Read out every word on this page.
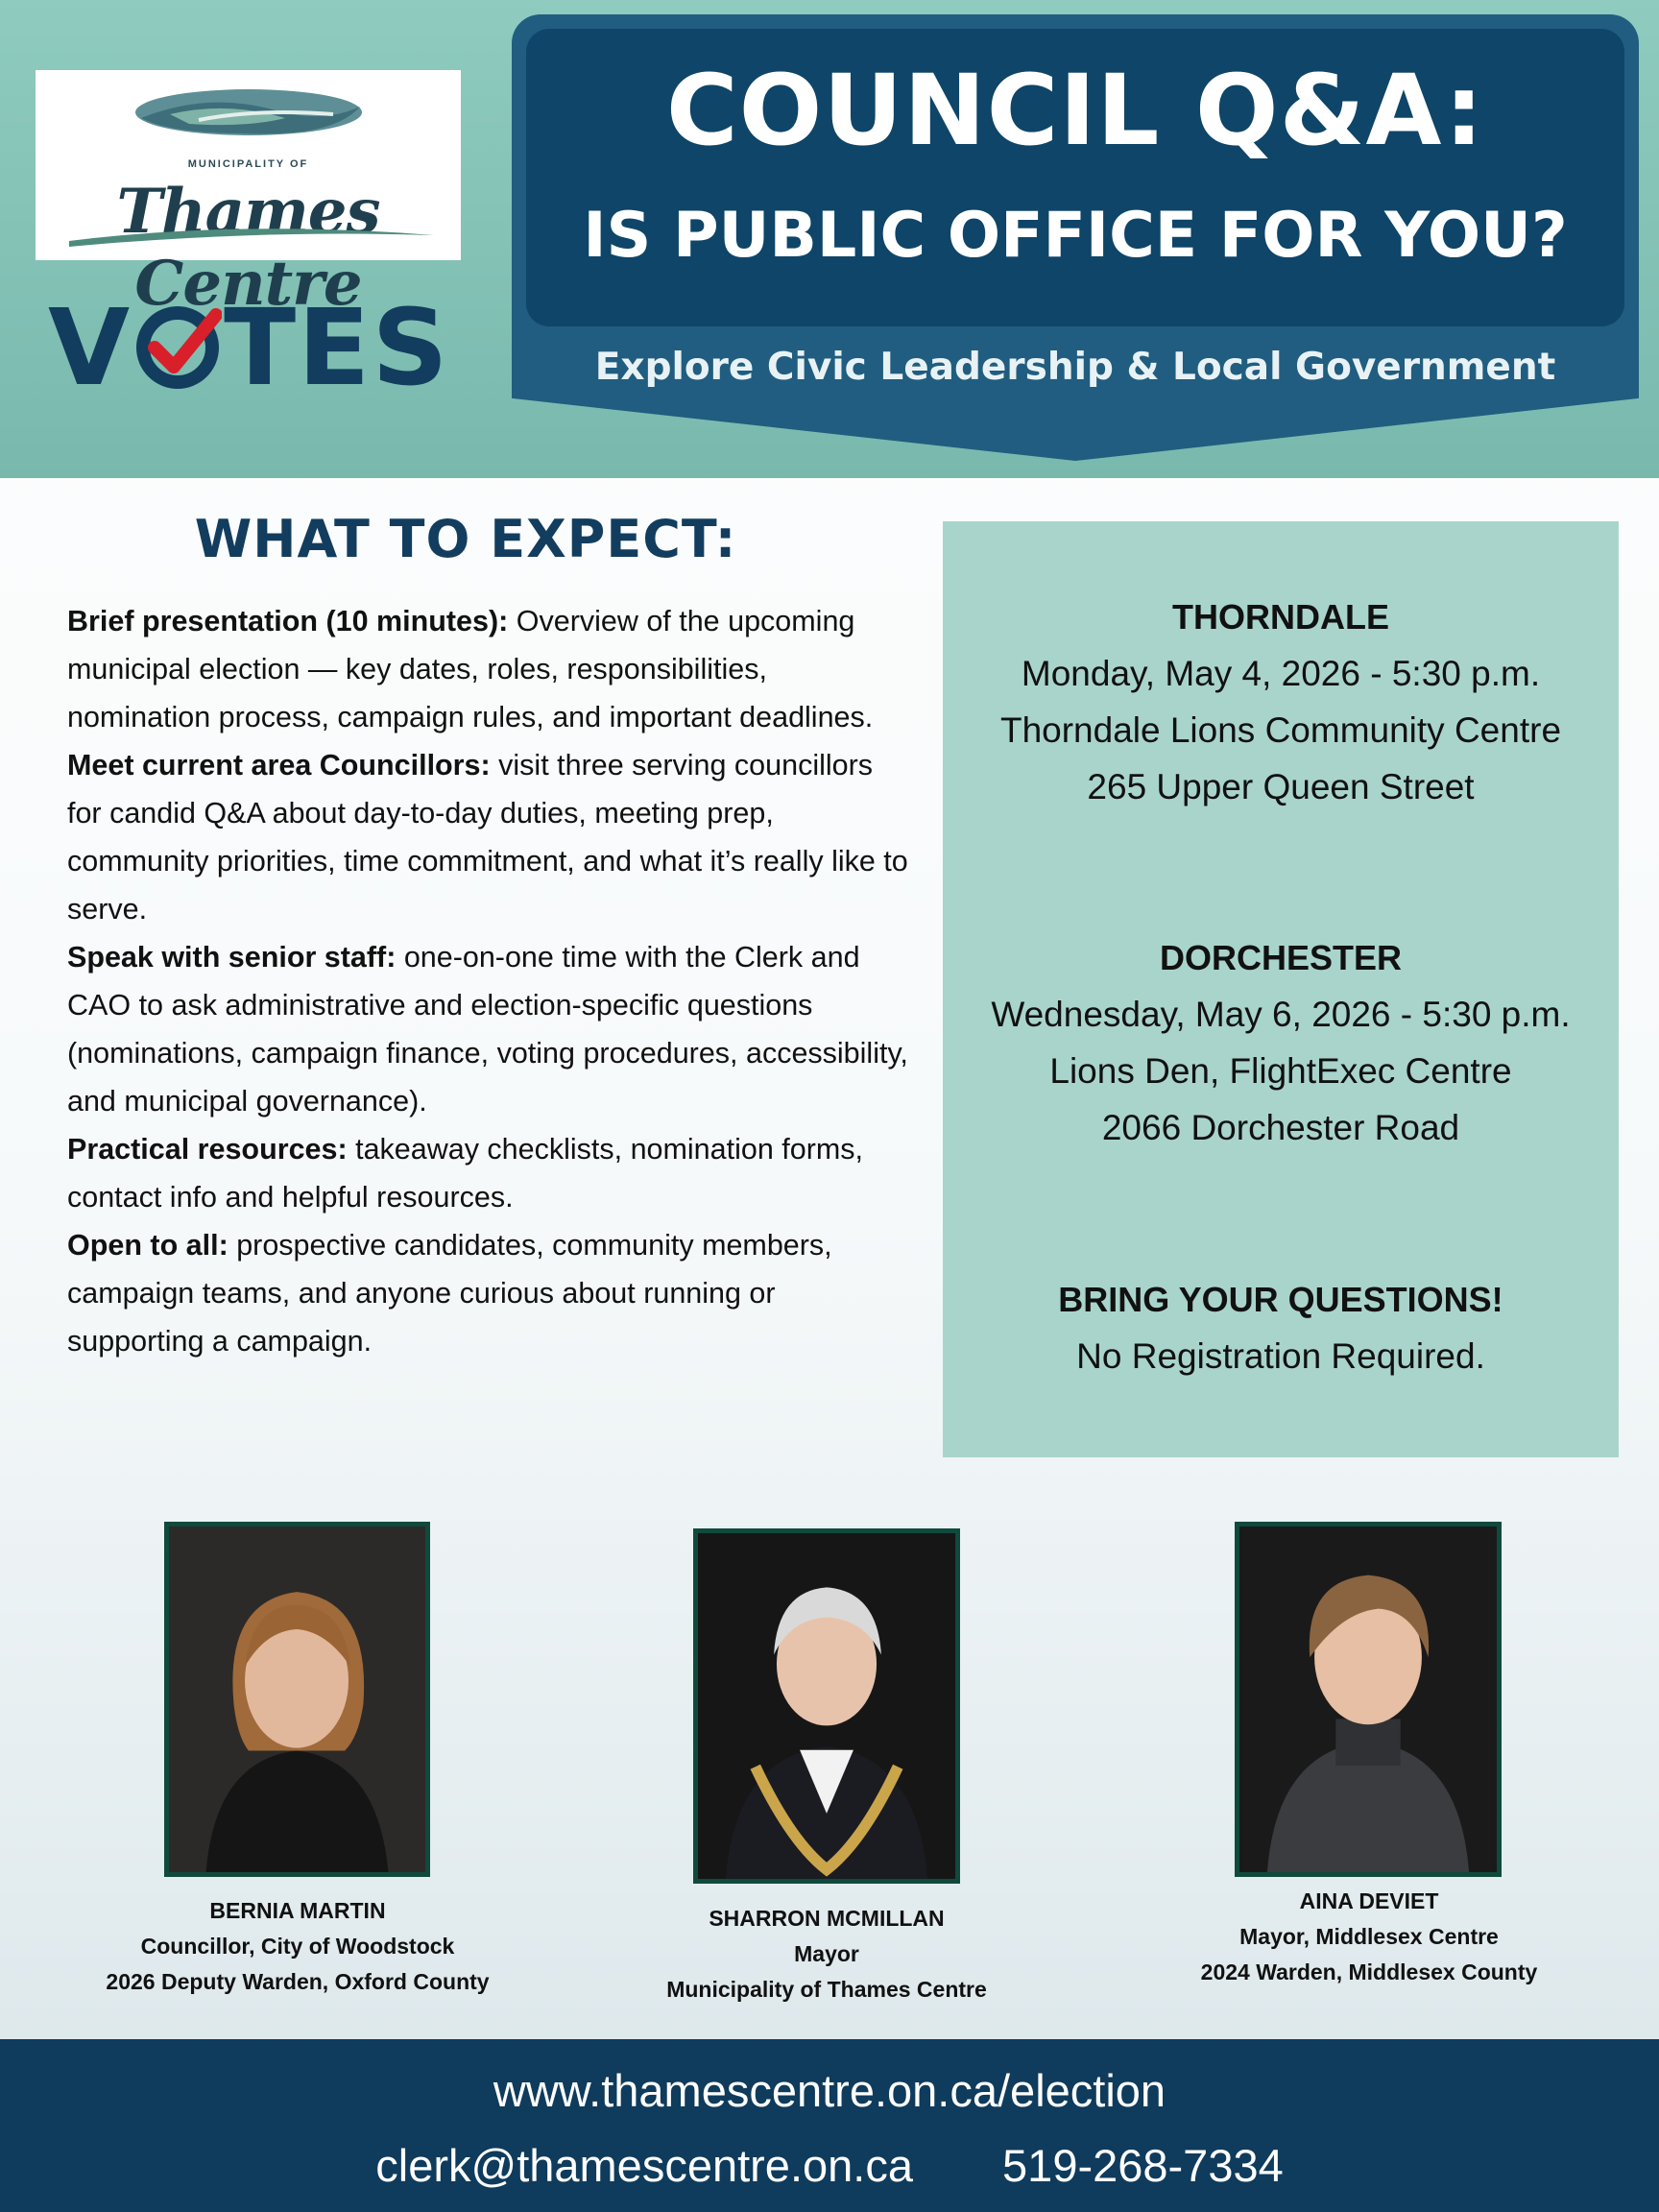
MUNICIPALITY OF
Thames Centre
V TES
COUNCIL Q&A:
IS PUBLIC OFFICE FOR YOU?
Explore Civic Leadership & Local Government
WHAT TO EXPECT:

Brief presentation (10 minutes): Overview of the upcoming municipal election — key dates, roles, responsibilities, nomination process, campaign rules, and important deadlines.

Meet current area Councillors: visit three serving councillors for candid Q&A about day-to-day duties, meeting prep, community priorities, time commitment, and what it’s really like to serve.

Speak with senior staff: one-on-one time with the Clerk and CAO to ask administrative and election-specific questions (nominations, campaign finance, voting procedures, accessibility, and municipal governance).

Practical resources: takeaway checklists, nomination forms, contact info and helpful resources.

Open to all: prospective candidates, community members, campaign teams, and anyone curious about running or supporting a campaign.

THORNDALE
Monday, May 4, 2026 - 5:30 p.m.
Thorndale Lions Community Centre
265 Upper Queen Street
DORCHESTER
Wednesday, May 6, 2026 - 5:30 p.m.
Lions Den, FlightExec Centre
2066 Dorchester Road
BRING YOUR QUESTIONS!
No Registration Required.
BERNIA MARTIN
Councillor, City of Woodstock
2026 Deputy Warden, Oxford County
SHARRON MCMILLAN
Mayor
Municipality of Thames Centre
AINA DEVIET
Mayor, Middlesex Centre
2024 Warden, Middlesex County
www.thamescentre.on.ca/election
clerk@thamescentre.on.ca 519-268-7334
